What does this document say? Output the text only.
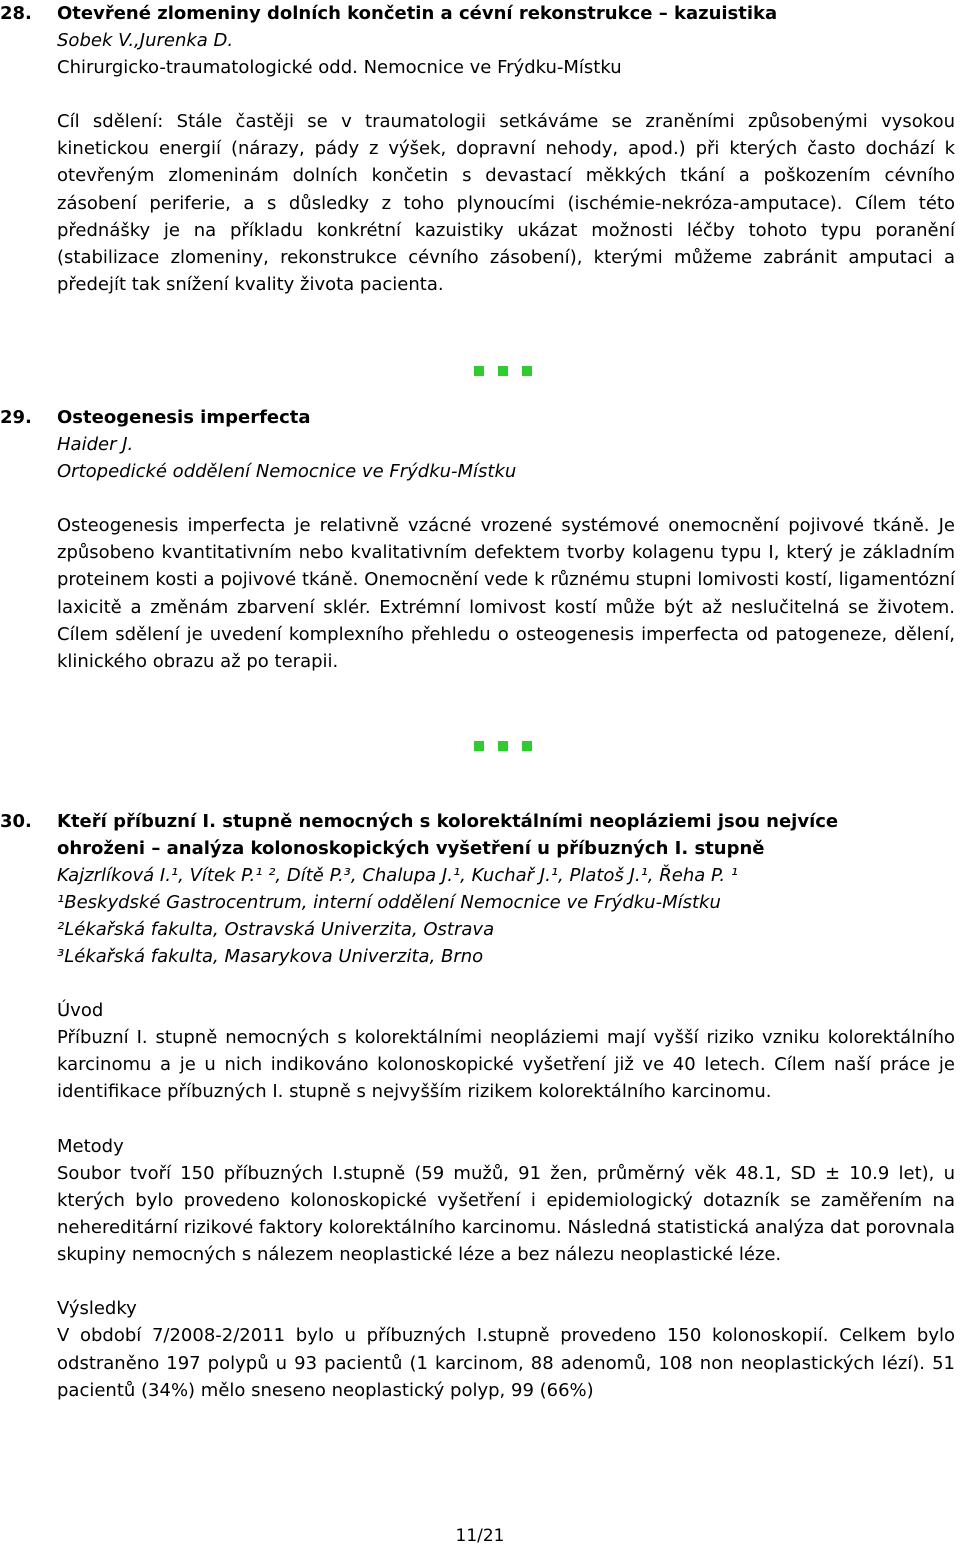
28. Otevřené zlomeniny dolních končetin a cévní rekonstrukce – kazuistika
Sobek V.,Jurenka D.
Chirurgicko-traumatologické odd. Nemocnice ve Frýdku-Místku

Cíl sdělení: Stále častěji se v traumatologii setkáváme se zraněními způsobenými vysokou kinetickou energií (nárazy, pády z výšek, dopravní nehody, apod.) při kterých často dochází k otevřeným zlomeninám dolních končetin s devastací měkkých tkání a poškozením cévního zásobení periferie, a s důsledky z toho plynoucími (ischémie-nekróza-amputace). Cílem této přednášky je na příkladu konkrétní kazuistiky ukázat možnosti léčby tohoto typu poranění (stabilizace zlomeniny, rekonstrukce cévního zásobení), kterými můžeme zabránit amputaci a předejít tak snížení kvality života pacienta.

29. Osteogenesis imperfecta
Haider J.
Ortopedické oddělení Nemocnice ve Frýdku-Místku

Osteogenesis imperfecta je relativně vzácné vrozené systémové onemocnění pojivové tkáně. Je způsobeno kvantitativním nebo kvalitativním defektem tvorby kolagenu typu I, který je základním proteinem kosti a pojivové tkáně. Onemocnění vede k různému stupni lomivosti kostí, ligamentózní laxicitě a změnám zbarvení sklér. Extrémní lomivost kostí může být až neslučitelná se životem. Cílem sdělení je uvedení komplexního přehledu o osteogenesis imperfecta od patogeneze, dělení, klinického obrazu až po terapii.

30. Kteří příbuzní I. stupně nemocných s kolorektálními neopláziemi jsou nejvíce
ohroženi – analýza kolonoskopických vyšetření u příbuzných I. stupně
Kajzrlíková I.¹, Vítek P.¹ ², Dítě P.³, Chalupa J.¹, Kuchař J.¹, Platoš J.¹, Řeha P. ¹
¹Beskydské Gastrocentrum, interní oddělení Nemocnice ve Frýdku-Místku
²Lékařská fakulta, Ostravská Univerzita, Ostrava
³Lékařská fakulta, Masarykova Univerzita, Brno
Úvod

Příbuzní I. stupně nemocných s kolorektálními neopláziemi mají vyšší riziko vzniku kolorektálního karcinomu a je u nich indikováno kolonoskopické vyšetření již ve 40 letech. Cílem naší práce je identifikace příbuzných I. stupně s nejvyšším rizikem kolorektálního karcinomu.

Metody

Soubor tvoří 150 příbuzných I.stupně (59 mužů, 91 žen, průměrný věk 48.1, SD ± 10.9 let), u kterých bylo provedeno kolonoskopické vyšetření i epidemiologický dotazník se zaměřením na nehereditární rizikové faktory kolorektálního karcinomu. Následná statistická analýza dat porovnala skupiny nemocných s nálezem neoplastické léze a bez nálezu neoplastické léze.

Výsledky

V období 7/2008-2/2011 bylo u příbuzných I.stupně provedeno 150 kolonoskopií. Celkem bylo odstraněno 197 polypů u 93 pacientů (1 karcinom, 88 adenomů, 108 non neoplastických lézí). 51 pacientů (34%) mělo sneseno neoplastický polyp, 99 (66%)

11/21
